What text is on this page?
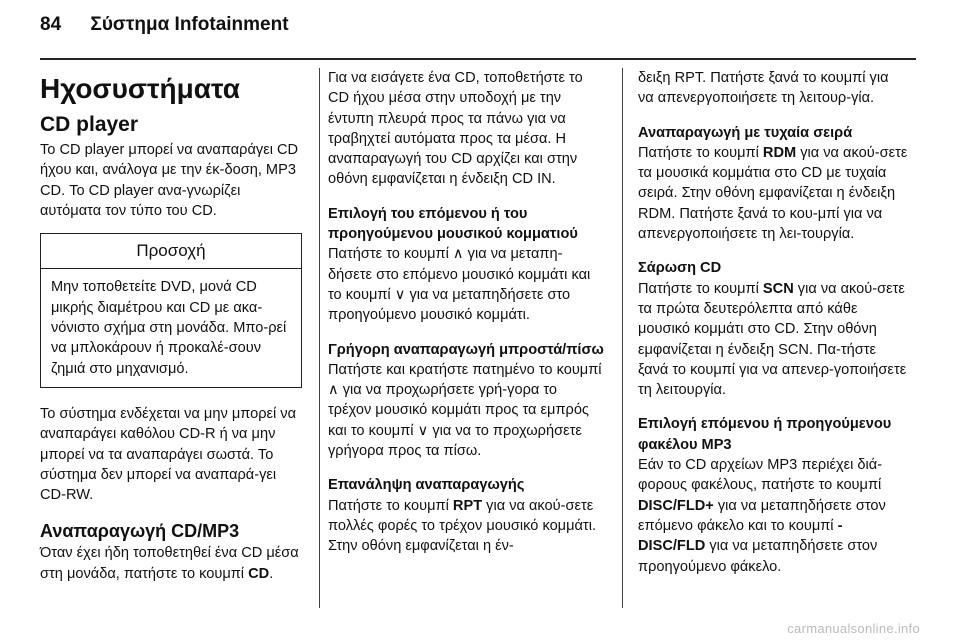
84 Σύστημα Infotainment
Ηχοσυστήματα
CD player

Το CD player μπορεί να αναπαράγει CD ήχου και, ανάλογα με την έκ-δοση, MP3 CD. Το CD player ανα-γνωρίζει αυτόματα τον τύπο του CD.

Προσοχή
Μην τοποθετείτε DVD, μονά CD μικρής διαμέτρου και CD με ακα-νόνιστο σχήμα στη μονάδα. Μπο-ρεί να μπλοκάρουν ή προκαλέ-σουν ζημιά στο μηχανισμό.

Το σύστημα ενδέχεται να μην μπορεί να αναπαράγει καθόλου CD-R ή να μην μπορεί να τα αναπαράγει σωστά. Το σύστημα δεν μπορεί να αναπαρά-γει CD-RW.

Αναπαραγωγή CD/MP3

Όταν έχει ήδη τοποθετηθεί ένα CD μέσα στη μονάδα, πατήστε το κουμπί CD.

Για να εισάγετε ένα CD, τοποθετήστε το CD ήχου μέσα στην υποδοχή με την έντυπη πλευρά προς τα πάνω για να τραβηχτεί αυτόματα προς τα μέσα. Η αναπαραγωγή του CD αρχίζει και στην οθόνη εμφανίζεται η ένδειξη CD IN.

Επιλογή του επόμενου ή του προηγούμενου μουσικού κομματιού
Πατήστε το κουμπί ∧ για να μεταπη-δήσετε στο επόμενο μουσικό κομμάτι και το κουμπί ∨ για να μεταπηδήσετε στο προηγούμενο μουσικό κομμάτι.
Γρήγορη αναπαραγωγή μπροστά/πίσω
Πατήστε και κρατήστε πατημένο το κουμπί ∧ για να προχωρήσετε γρή-γορα το τρέχον μουσικό κομμάτι προς τα εμπρός και το κουμπί ∨ για να το προχωρήσετε γρήγορα προς τα πίσω.
Επανάληψη αναπαραγωγής
Πατήστε το κουμπί RPT για να ακού-σετε πολλές φορές το τρέχον μουσικό κομμάτι. Στην οθόνη εμφανίζεται η έν-

δειξη RPT. Πατήστε ξανά το κουμπί για να απενεργοποιήσετε τη λειτουρ-γία.

Αναπαραγωγή με τυχαία σειρά
Πατήστε το κουμπί RDM για να ακού-σετε τα μουσικά κομμάτια στο CD με τυχαία σειρά. Στην οθόνη εμφανίζεται η ένδειξη RDM. Πατήστε ξανά το κου-μπί για να απενεργοποιήσετε τη λει-τουργία.
Σάρωση CD
Πατήστε το κουμπί SCN για να ακού-σετε τα πρώτα δευτερόλεπτα από κάθε μουσικό κομμάτι στο CD. Στην οθόνη εμφανίζεται η ένδειξη SCN. Πα-τήστε ξανά το κουμπί για να απενερ-γοποιήσετε τη λειτουργία.
Επιλογή επόμενου ή προηγούμενου φακέλου MP3
Εάν το CD αρχείων MP3 περιέχει διά-φορους φακέλους, πατήστε το κουμπί DISC/FLD+ για να μεταπηδήσετε στον επόμενο φάκελο και το κουμπί -DISC/FLD για να μεταπηδήσετε στον προηγούμενο φάκελο.
carmanualsonline.info
